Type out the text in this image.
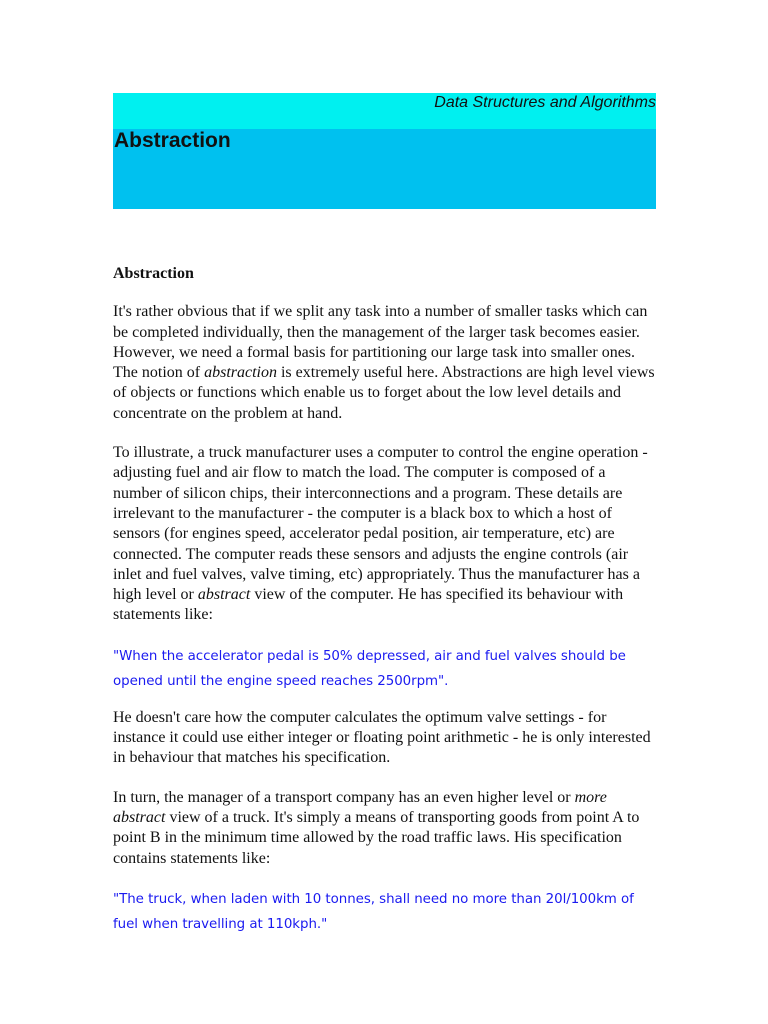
Data Structures and Algorithms
Abstraction
Abstraction

It's rather obvious that if we split any task into a number of smaller tasks which can be completed individually, then the management of the larger task becomes easier. However, we need a formal basis for partitioning our large task into smaller ones. The notion of abstraction is extremely useful here. Abstractions are high level views of objects or functions which enable us to forget about the low level details and concentrate on the problem at hand.

To illustrate, a truck manufacturer uses a computer to control the engine operation - adjusting fuel and air flow to match the load. The computer is composed of a number of silicon chips, their interconnections and a program. These details are irrelevant to the manufacturer - the computer is a black box to which a host of sensors (for engines speed, accelerator pedal position, air temperature, etc) are connected. The computer reads these sensors and adjusts the engine controls (air inlet and fuel valves, valve timing, etc) appropriately. Thus the manufacturer has a high level or abstract view of the computer. He has specified its behaviour with statements like:

"When the accelerator pedal is 50% depressed, air and fuel valves should be opened until the engine speed reaches 2500rpm".

He doesn't care how the computer calculates the optimum valve settings - for instance it could use either integer or floating point arithmetic - he is only interested in behaviour that matches his specification.

In turn, the manager of a transport company has an even higher level or more abstract view of a truck. It's simply a means of transporting goods from point A to point B in the minimum time allowed by the road traffic laws. His specification contains statements like:

"The truck, when laden with 10 tonnes, shall need no more than 20l/100km of fuel when travelling at 110kph."
